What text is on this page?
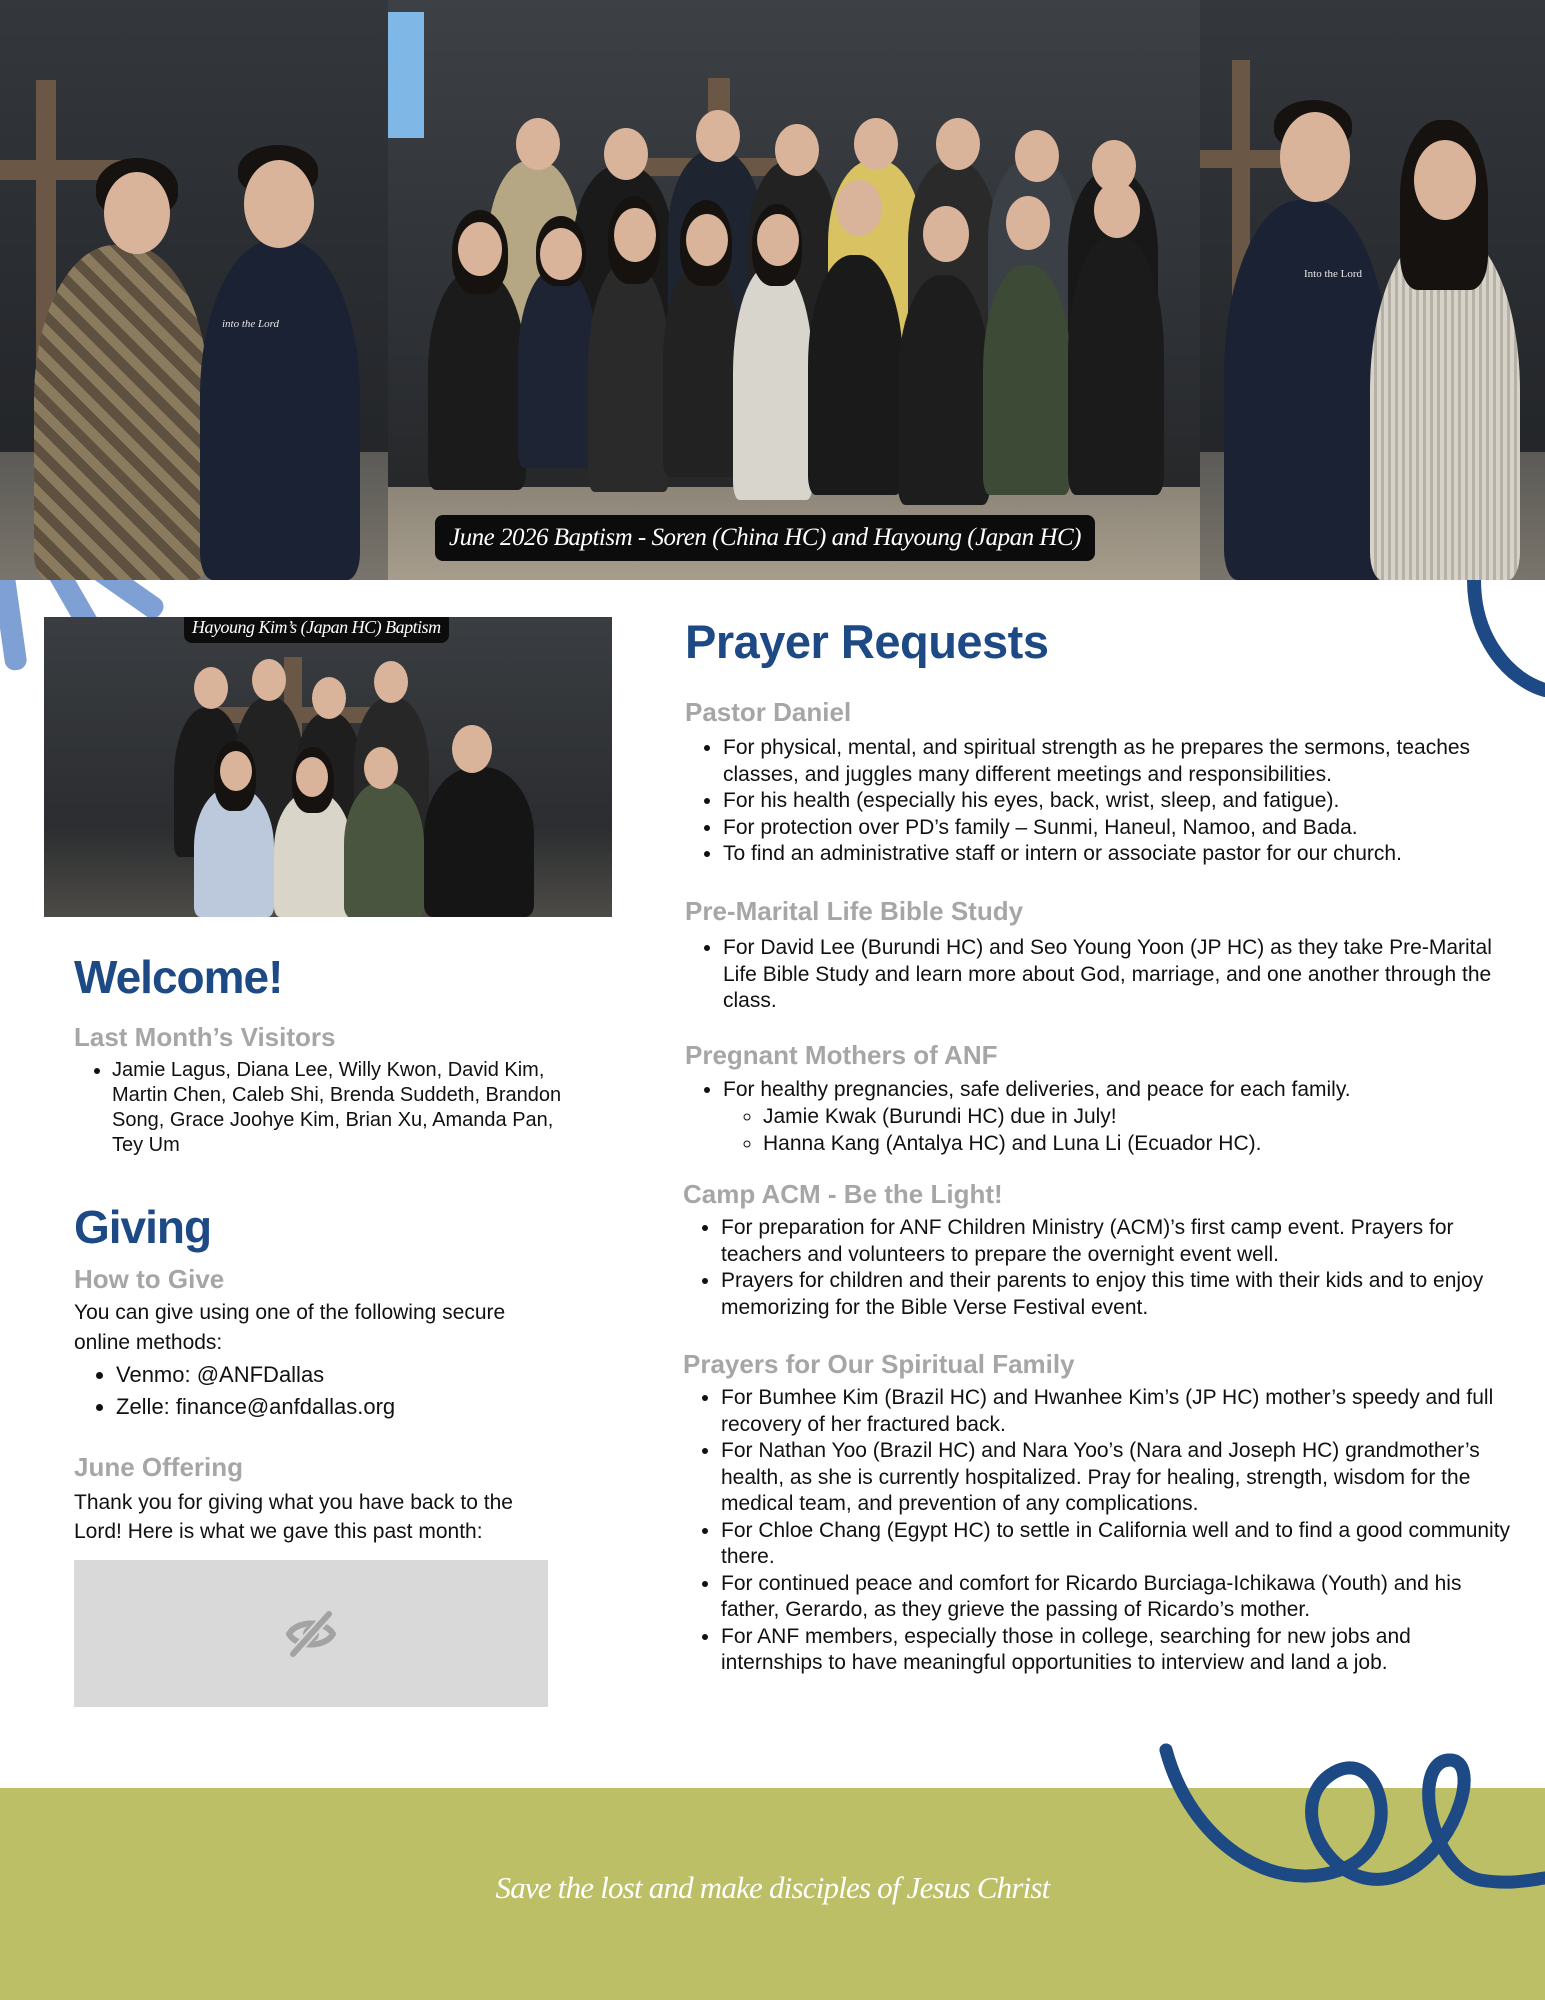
into the Lord
June 2026 Baptism - Soren (China HC) and Hayoung (Japan HC)
Into the Lord
Hayoung Kim’s (Japan HC) Baptism
Welcome!
Last Month’s Visitors
• Jamie Lagus, Diana Lee, Willy Kwon, David Kim, Martin Chen, Caleb Shi, Brenda Suddeth, Brandon Song, Grace Joohye Kim, Brian Xu, Amanda Pan, Tey Um
Giving
How to Give
You can give using one of the following secure online methods:
• Venmo: @ANFDallas
• Zelle: finance@anfdallas.org
June Offering
Thank you for giving what you have back to the Lord! Here is what we gave this past month:
Prayer Requests
Pastor Daniel
• For physical, mental, and spiritual strength as he prepares the sermons, teaches classes, and juggles many different meetings and responsibilities.
• For his health (especially his eyes, back, wrist, sleep, and fatigue).
• For protection over PD’s family – Sunmi, Haneul, Namoo, and Bada.
• To find an administrative staff or intern or associate pastor for our church.
Pre-Marital Life Bible Study
• For David Lee (Burundi HC) and Seo Young Yoon (JP HC) as they take Pre-Marital Life Bible Study and learn more about God, marriage, and one another through the class.
Pregnant Mothers of ANF
• For healthy pregnancies, safe deliveries, and peace for each family.
◦ Jamie Kwak (Burundi HC) due in July!
◦ Hanna Kang (Antalya HC) and Luna Li (Ecuador HC).
Camp ACM - Be the Light!
• For preparation for ANF Children Ministry (ACM)’s first camp event. Prayers for teachers and volunteers to prepare the overnight event well.
• Prayers for children and their parents to enjoy this time with their kids and to enjoy memorizing for the Bible Verse Festival event.
Prayers for Our Spiritual Family
• For Bumhee Kim (Brazil HC) and Hwanhee Kim’s (JP HC) mother’s speedy and full recovery of her fractured back.
• For Nathan Yoo (Brazil HC) and Nara Yoo’s (Nara and Joseph HC) grandmother’s health, as she is currently hospitalized. Pray for healing, strength, wisdom for the medical team, and prevention of any complications.
• For Chloe Chang (Egypt HC) to settle in California well and to find a good community there.
• For continued peace and comfort for Ricardo Burciaga-Ichikawa (Youth) and his father, Gerardo, as they grieve the passing of Ricardo’s mother.
• For ANF members, especially those in college, searching for new jobs and internships to have meaningful opportunities to interview and land a job.
Save the lost and make disciples of Jesus Christ
